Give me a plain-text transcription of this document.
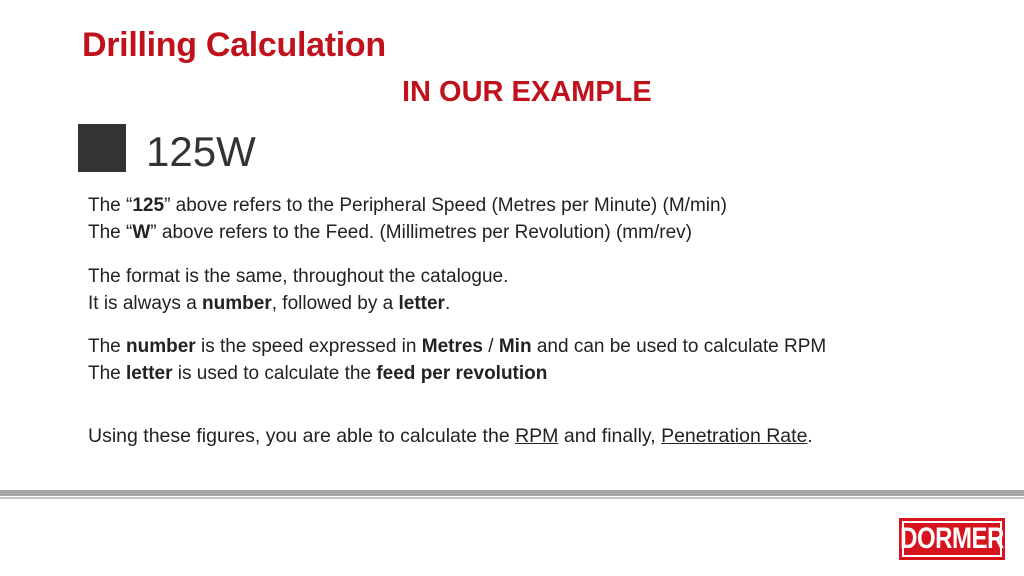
Drilling Calculation
IN OUR EXAMPLE
125W
The “125” above refers to the Peripheral Speed (Metres per Minute) (M/min)
The “W” above refers to the Feed. (Millimetres per Revolution) (mm/rev)
The format is the same, throughout the catalogue.
It is always a number, followed by a letter.
The number is the speed expressed in Metres / Min and can be used to calculate RPM
The letter is used to calculate the feed per revolution
Using these figures, you are able to calculate the RPM and finally, Penetration Rate.
DORMER
